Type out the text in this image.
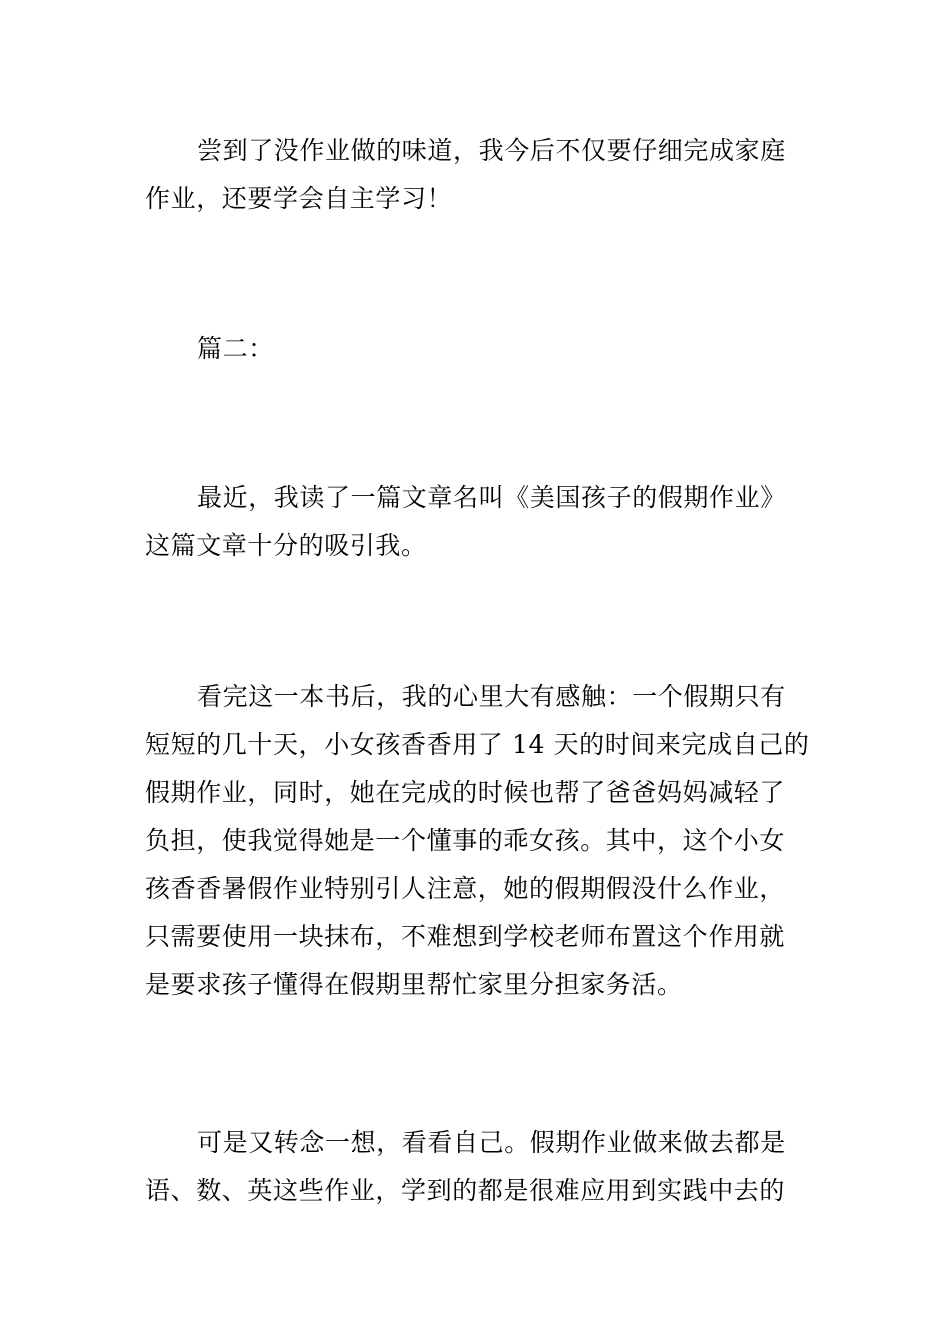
尝到了没作业做的味道，我今后不仅要仔细完成家庭
作业，还要学会自主学习！

篇二：

最近，我读了一篇文章名叫《美国孩子的假期作业》
这篇文章十分的吸引我。

看完这一本书后，我的心里大有感触：一个假期只有
短短的几十天，小女孩香香用了 14 天的时间来完成自己的
假期作业，同时，她在完成的时候也帮了爸爸妈妈减轻了
负担，使我觉得她是一个懂事的乖女孩。其中，这个小女
孩香香暑假作业特别引人注意，她的假期假没什么作业，
只需要使用一块抹布，不难想到学校老师布置这个作用就
是要求孩子懂得在假期里帮忙家里分担家务活。

可是又转念一想，看看自己。假期作业做来做去都是
语、数、英这些作业，学到的都是很难应用到实践中去的
